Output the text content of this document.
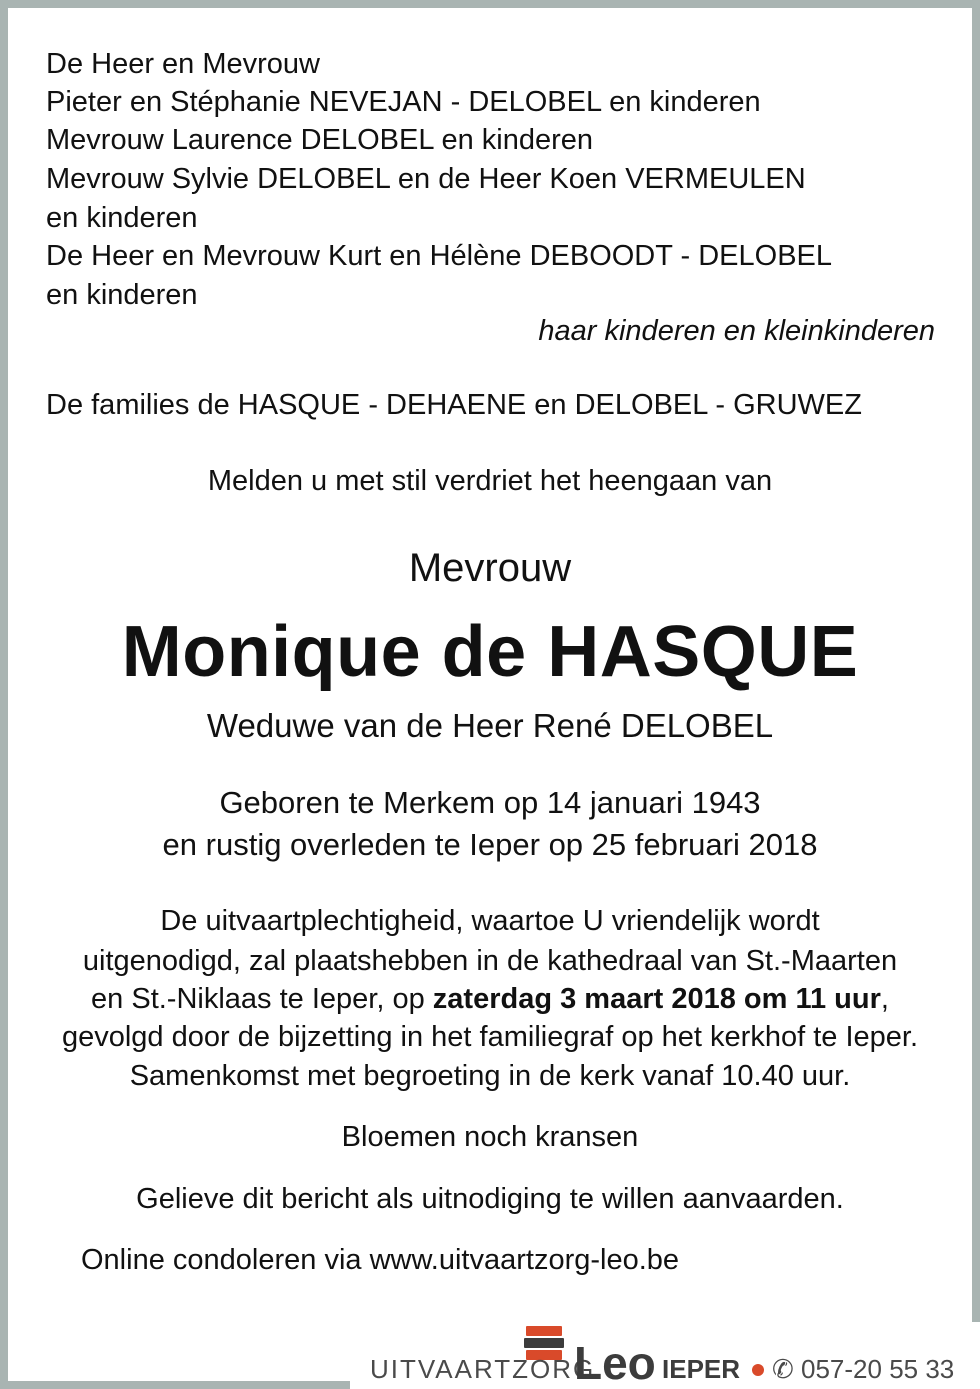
De Heer en Mevrouw
Pieter en Stéphanie NEVEJAN - DELOBEL en kinderen
Mevrouw Laurence DELOBEL en kinderen
Mevrouw Sylvie DELOBEL en de Heer Koen VERMEULEN
en kinderen
De Heer en Mevrouw Kurt en Hélène DEBOODT - DELOBEL
en kinderen
haar kinderen en kleinkinderen
De families de HASQUE - DEHAENE en DELOBEL - GRUWEZ
Melden u met stil verdriet het heengaan van
Mevrouw
Monique de HASQUE
Weduwe van de Heer René DELOBEL
Geboren te Merkem op 14 januari 1943
en rustig overleden te Ieper op 25 februari 2018
De uitvaartplechtigheid, waartoe U vriendelijk wordt
uitgenodigd, zal plaatshebben in de kathedraal van St.-Maarten
en St.-Niklaas te Ieper, op zaterdag 3 maart 2018 om 11 uur,
gevolgd door de bijzetting in het familiegraf op het kerkhof te Ieper.
Samenkomst met begroeting in de kerk vanaf 10.40 uur.
Bloemen noch kransen
Gelieve dit bericht als uitnodiging te willen aanvaarden.
Online condoleren via www.uitvaartzorg-leo.be
UITVAARTZORG
Leo IEPER ✆ 057-20 55 33
